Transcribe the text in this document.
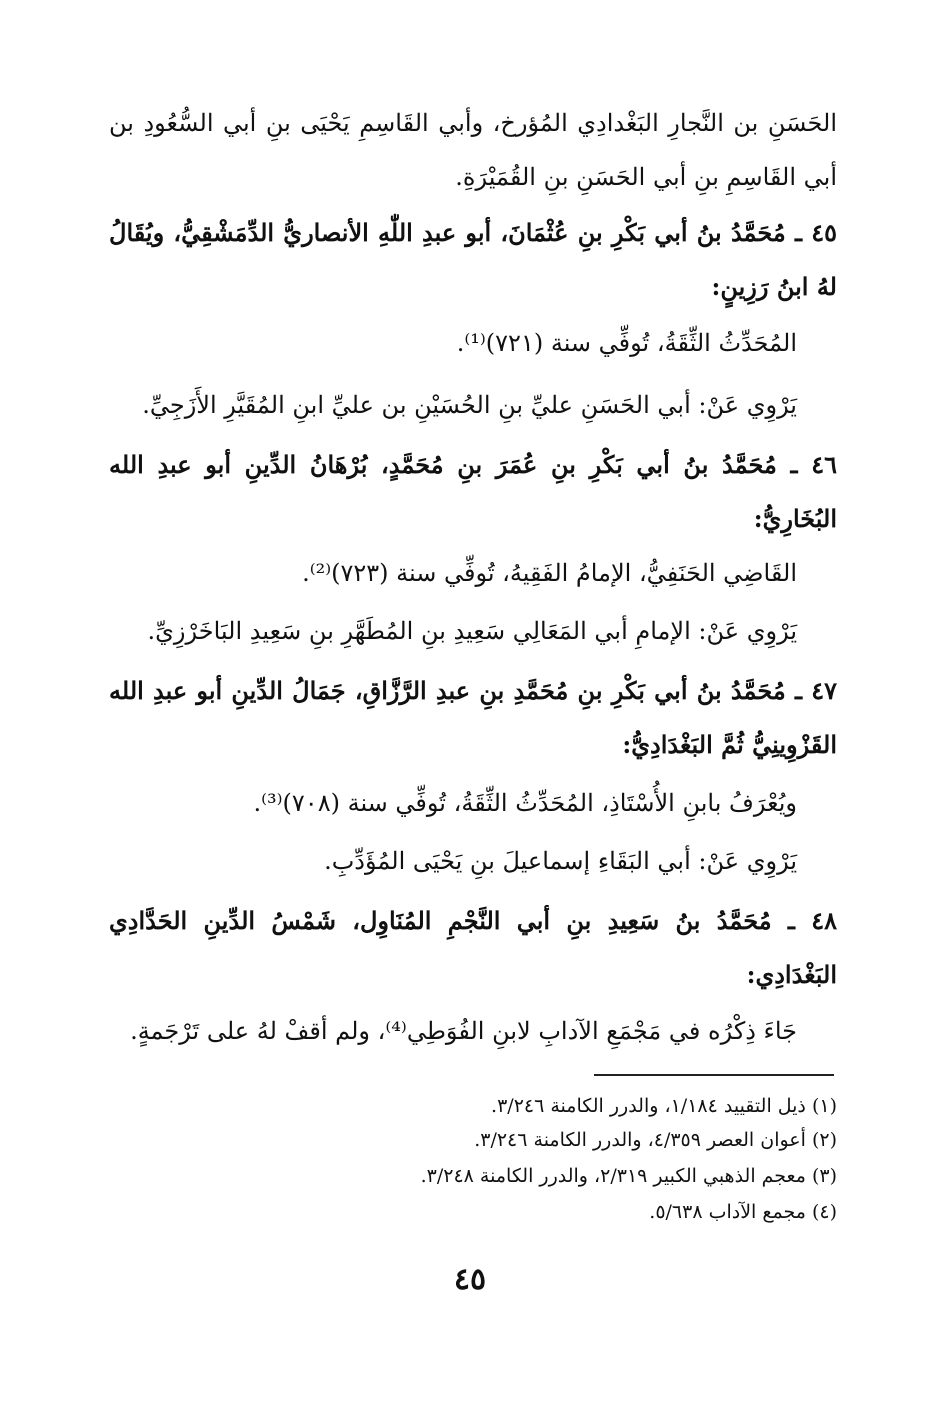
الحَسَنِ بن النَّجارِ البَغْدادِي المُؤرخ، وأبي القَاسِمِ يَحْيَى بنِ أبي السُّعُودِ بن أبي القَاسِمِ بنِ أبي الحَسَنِ بنِ القُمَيْرَةِ.
٤٥ ـ مُحَمَّدُ بنُ أبي بَكْرِ بنِ عُثْمَانَ، أبو عبدِ اللّٰهِ الأنصاريُّ الدِّمَشْقِيُّ، ويُقَالُ لهُ ابنُ رَزِينٍ:
المُحَدِّثُ الثِّقَةُ، تُوفِّي سنة (٧٢١)⁽¹⁾.
يَرْوِي عَنْ: أبي الحَسَنِ عليِّ بنِ الحُسَيْنِ بن عليِّ ابنِ المُقَيَّرِ الأَزَجِيِّ.
٤٦ ـ مُحَمَّدُ بنُ أبي بَكْرِ بنِ عُمَرَ بنِ مُحَمَّدٍ، بُرْهَانُ الدِّينِ أبو عبدِ الله البُخَارِيُّ:
القَاضِي الحَنَفِيُّ، الإمامُ الفَقِيهُ، تُوفِّي سنة (٧٢٣)⁽²⁾.
يَرْوِي عَنْ: الإمامِ أبي المَعَالِي سَعِيدِ بنِ المُطَهَّرِ بنِ سَعِيدِ البَاخَرْزِيِّ.
٤٧ ـ مُحَمَّدُ بنُ أبي بَكْرِ بنِ مُحَمَّدِ بنِ عبدِ الرَّزَّاقِ، جَمَالُ الدِّينِ أبو عبدِ الله القَزْوِينِيُّ ثُمَّ البَغْدَادِيُّ:
ويُعْرَفُ بابنِ الأُسْتَاذِ، المُحَدِّثُ الثِّقَةُ، تُوفِّي سنة (٧٠٨)⁽³⁾.
يَرْوِي عَنْ: أبي البَقَاءِ إسماعيلَ بنِ يَحْيَى المُؤَدِّبِ.
٤٨ ـ مُحَمَّدُ بنُ سَعِيدِ بنِ أبي النَّجْمِ المُنَاوِل، شَمْسُ الدِّينِ الحَدَّادِي البَغْدَادِي:
جَاءَ ذِكْرُه في مَجْمَعِ الآدابِ لابنِ الفُوَطِي⁽⁴⁾، ولم أقفْ لهُ على تَرْجَمةٍ.
(١) ذيل التقييد ١/١٨٤، والدرر الكامنة ٣/٢٤٦.
(٢) أعوان العصر ٤/٣٥٩، والدرر الكامنة ٣/٢٤٦.
(٣) معجم الذهبي الكبير ٢/٣١٩، والدرر الكامنة ٣/٢٤٨.
(٤) مجمع الآداب ٥/٦٣٨.
٤٥
